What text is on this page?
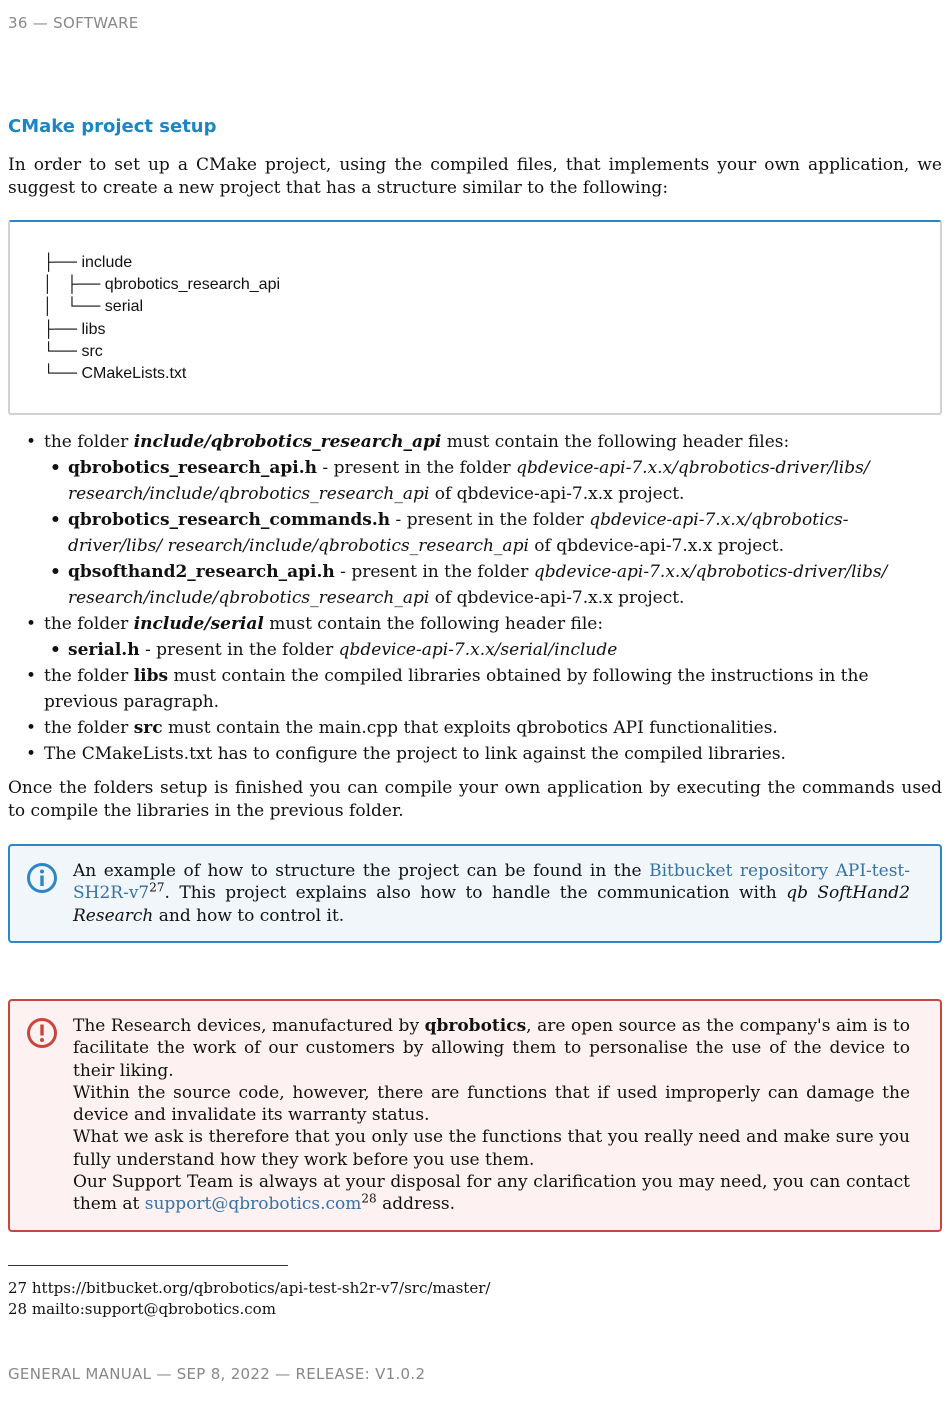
36 — SOFTWARE
CMake project setup

In order to set up a CMake project, using the compiled files, that implements your own application, we suggest to create a new project that has a structure similar to the following:

├── include
│   ├── qbrobotics_research_api
│   └── serial
├── libs
└── src
└── CMakeLists.txt
• the folder include/qbrobotics_research_api must contain the following header files:
• qbrobotics_research_api.h - present in the folder qbdevice-api-7.x.x/qbrobotics-driver/libs/ research/include/qbrobotics_research_api of qbdevice-api-7.x.x project.
• qbrobotics_research_commands.h - present in the folder qbdevice-api-7.x.x/qbrobotics-driver/libs/ research/include/qbrobotics_research_api of qbdevice-api-7.x.x project.
• qbsofthand2_research_api.h - present in the folder qbdevice-api-7.x.x/qbrobotics-driver/libs/ research/include/qbrobotics_research_api of qbdevice-api-7.x.x project.
• the folder include/serial must contain the following header file:
• serial.h - present in the folder qbdevice-api-7.x.x/serial/include
• the folder libs must contain the compiled libraries obtained by following the instructions in the previous paragraph.
• the folder src must contain the main.cpp that exploits qbrobotics API functionalities.
• The CMakeLists.txt has to configure the project to link against the compiled libraries.

Once the folders setup is finished you can compile your own application by executing the commands used to compile the libraries in the previous folder.

An example of how to structure the project can be found in the Bitbucket repository API-$test-SH2R-v7^{27}$. This project explains also how to handle the communication with qb SoftHand2 Research and how to control it.
The Research devices, manufactured by qbrobotics, are open source as the company's aim is to facilitate the work of our customers by allowing them to personalise the use of the device to their liking.
Within the source code, however, there are functions that if used improperly can damage the device and invalidate its warranty status.
What we ask is therefore that you only use the functions that you really need and make sure you fully understand how they work before you use them.
Our Support Team is always at your disposal for any clarification you may need, you can contact them at support@qbrobotics.com$^{28}$ address.
27 https://bitbucket.org/qbrobotics/api-test-sh2r-v7/src/master/
28 mailto:support@qbrobotics.com
GENERAL MANUAL — SEP 8, 2022 — RELEASE: V1.0.2
